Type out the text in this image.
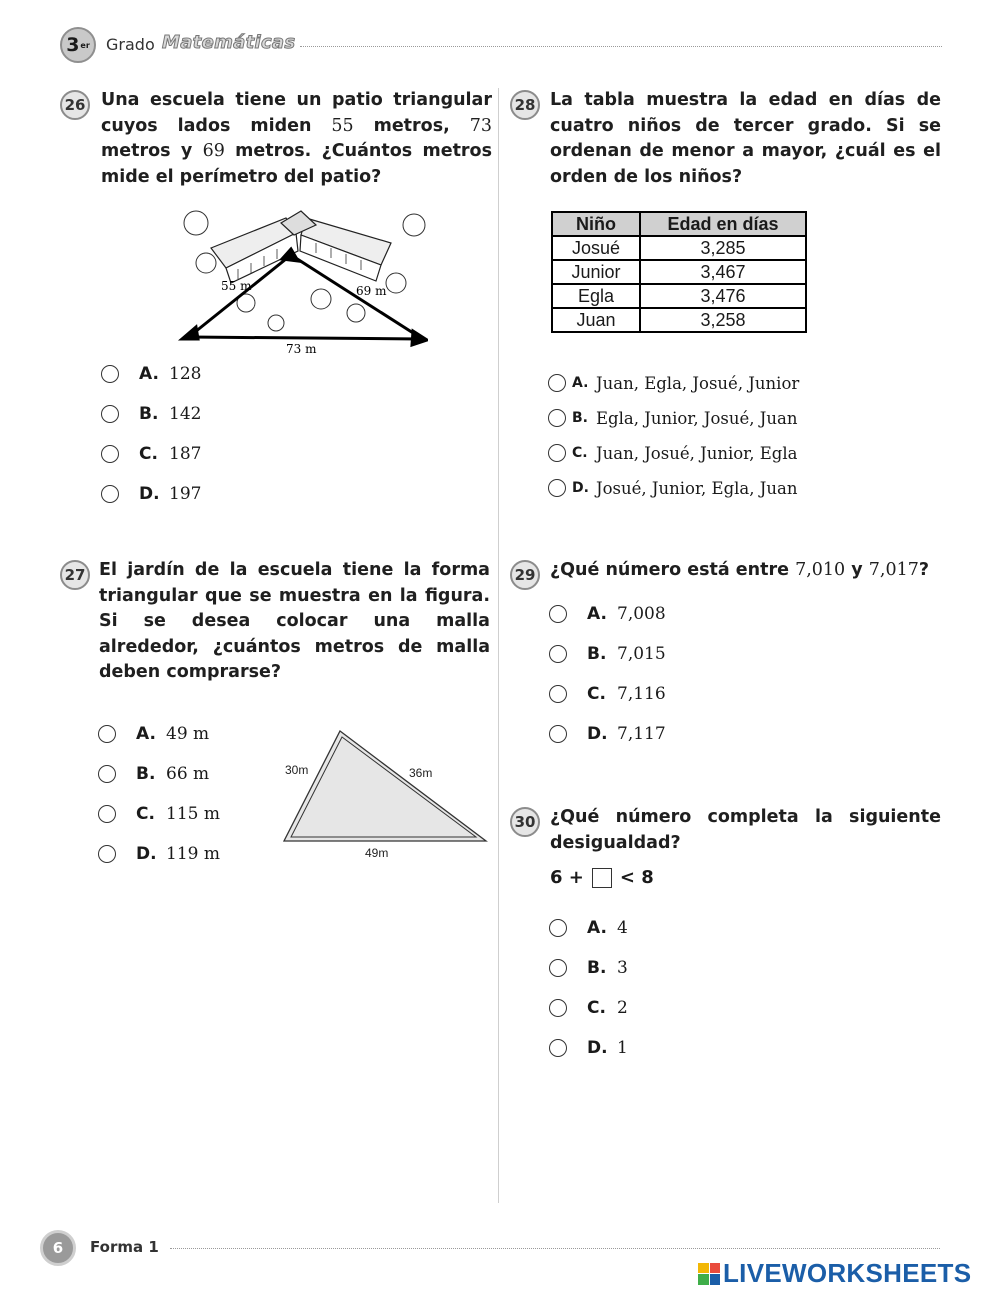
3 er Grado Matemáticas
26 Una escuela tiene un patio triangular cuyos lados miden 55 metros, 73 metros y 69 metros. ¿Cuántos metros mide el perímetro del patio?
55 m	69 m
73 m
A. 128
B. 142
C. 187
D. 197
27 El jardín de la escuela tiene la forma triangular que se muestra en la figura. Si se desea colocar una malla alrededor, ¿cuántos metros de malla deben comprarse?
A. 49 m
B. 66 m
C. 115 m
D. 119 m
30m	36m
49m
28 La tabla muestra la edad en días de cuatro niños de tercer grado. Si se ordenan de menor a mayor, ¿cuál es el orden de los niños?
Niño	Edad en días
Josué	3,285
Junior	3,467
Egla	3,476
Juan	3,258
A. Juan, Egla, Josué, Junior
B. Egla, Junior, Josué, Juan
C. Juan, Josué, Junior, Egla
D. Josué, Junior, Egla, Juan
29 ¿Qué número está entre 7,010 y 7,017?
A. 7,008
B. 7,015
C. 7,116
D. 7,117
30 ¿Qué número completa la siguiente desigualdad?
6 + < 8
A. 4
B. 3
C. 2
D. 1
6	Forma 1
LIVEWORKSHEETS
